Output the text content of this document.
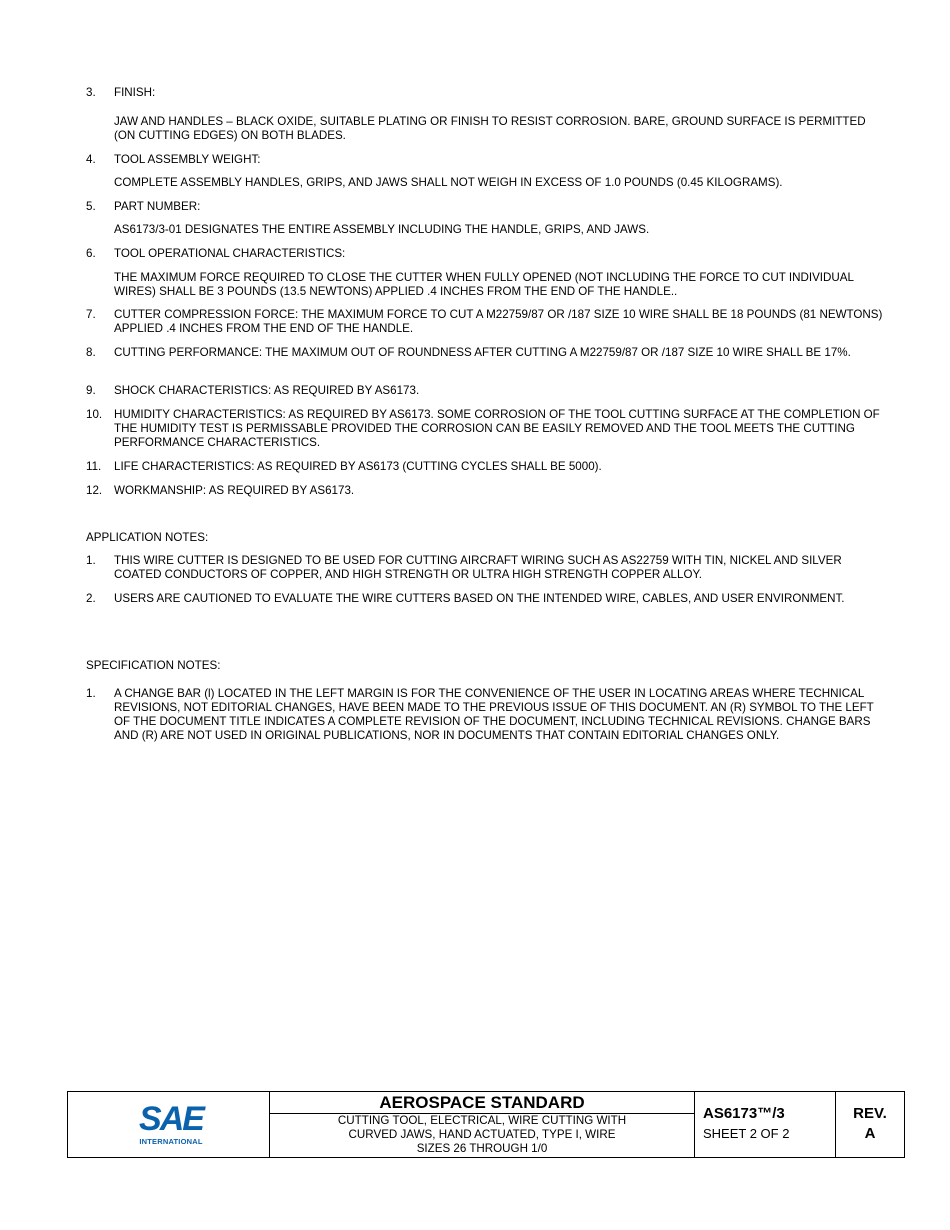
3.	FINISH:
JAW AND HANDLES – BLACK OXIDE, SUITABLE PLATING OR FINISH TO RESIST CORROSION. BARE, GROUND SURFACE IS PERMITTED (ON CUTTING EDGES) ON BOTH BLADES.
4.	TOOL ASSEMBLY WEIGHT:
COMPLETE ASSEMBLY HANDLES, GRIPS, AND JAWS SHALL NOT WEIGH IN EXCESS OF 1.0 POUNDS (0.45 KILOGRAMS).
5.	PART NUMBER:
AS6173/3-01 DESIGNATES THE ENTIRE ASSEMBLY INCLUDING THE HANDLE, GRIPS, AND JAWS.
6.	TOOL OPERATIONAL CHARACTERISTICS:
THE MAXIMUM FORCE REQUIRED TO CLOSE THE CUTTER WHEN FULLY OPENED (NOT INCLUDING THE FORCE TO CUT INDIVIDUAL WIRES) SHALL BE 3 POUNDS (13.5 NEWTONS) APPLIED .4 INCHES FROM THE END OF THE HANDLE..
7.	CUTTER COMPRESSION FORCE: THE MAXIMUM FORCE TO CUT A M22759/87 OR /187 SIZE 10 WIRE SHALL BE 18 POUNDS (81 NEWTONS) APPLIED .4 INCHES FROM THE END OF THE HANDLE.
8.	CUTTING PERFORMANCE: THE MAXIMUM OUT OF ROUNDNESS AFTER CUTTING A M22759/87 OR /187 SIZE 10 WIRE SHALL BE 17%.
9.	SHOCK CHARACTERISTICS: AS REQUIRED BY AS6173.
10.	HUMIDITY CHARACTERISTICS: AS REQUIRED BY AS6173. SOME CORROSION OF THE TOOL CUTTING SURFACE AT THE COMPLETION OF THE HUMIDITY TEST IS PERMISSABLE PROVIDED THE CORROSION CAN BE EASILY REMOVED AND THE TOOL MEETS THE CUTTING PERFORMANCE CHARACTERISTICS.
11.	LIFE CHARACTERISTICS: AS REQUIRED BY AS6173 (CUTTING CYCLES SHALL BE 5000).
12.	WORKMANSHIP: AS REQUIRED BY AS6173.
APPLICATION NOTES:
1.	THIS WIRE CUTTER IS DESIGNED TO BE USED FOR CUTTING AIRCRAFT WIRING SUCH AS AS22759 WITH TIN, NICKEL AND SILVER COATED CONDUCTORS OF COPPER, AND HIGH STRENGTH OR ULTRA HIGH STRENGTH COPPER ALLOY.
2.	USERS ARE CAUTIONED TO EVALUATE THE WIRE CUTTERS BASED ON THE INTENDED WIRE, CABLES, AND USER ENVIRONMENT.
SPECIFICATION NOTES:
1.	A CHANGE BAR (l) LOCATED IN THE LEFT MARGIN IS FOR THE CONVENIENCE OF THE USER IN LOCATING AREAS WHERE TECHNICAL REVISIONS, NOT EDITORIAL CHANGES, HAVE BEEN MADE TO THE PREVIOUS ISSUE OF THIS DOCUMENT. AN (R) SYMBOL TO THE LEFT OF THE DOCUMENT TITLE INDICATES A COMPLETE REVISION OF THE DOCUMENT, INCLUDING TECHNICAL REVISIONS. CHANGE BARS AND (R) ARE NOT USED IN ORIGINAL PUBLICATIONS, NOR IN DOCUMENTS THAT CONTAIN EDITORIAL CHANGES ONLY.
SAE
INTERNATIONAL
AEROSPACE STANDARD
CUTTING TOOL, ELECTRICAL, WIRE CUTTING WITH
CURVED JAWS, HAND ACTUATED, TYPE I, WIRE
SIZES 26 THROUGH 1/0
AS6173™/3
SHEET 2 OF 2
REV.
A
